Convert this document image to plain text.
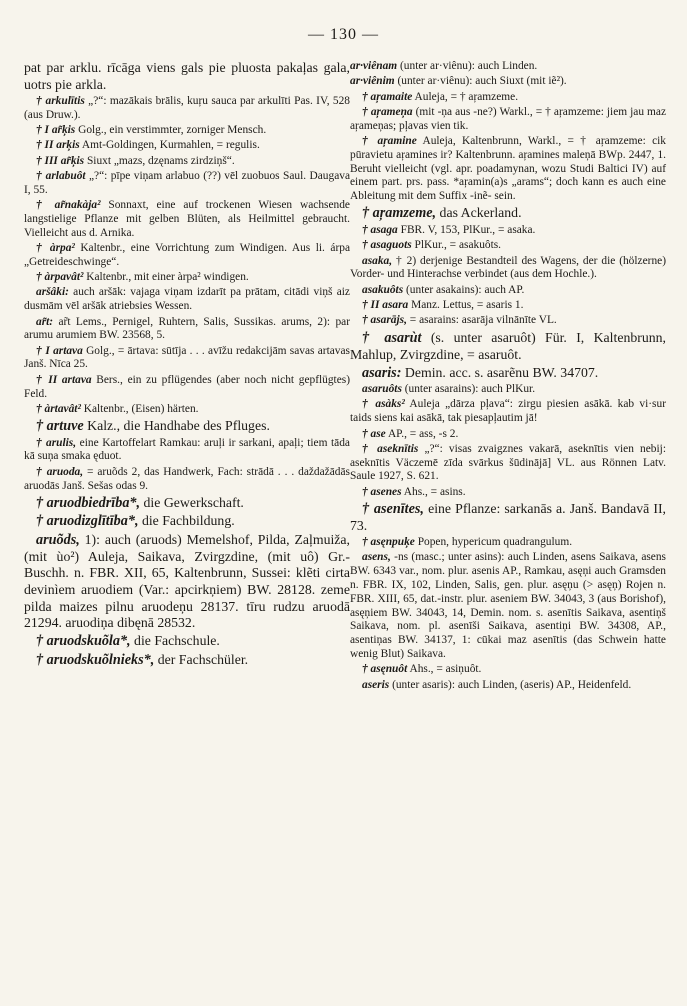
— 130 —

pat par arklu. rīcāga viens gals pie pluosta pakaļas gala, uotrs pie arkla.

† arkulītis „?“: mazākais brālis, kuŗu sauca par arkulīti Pas. IV, 528 (aus Druw.).

† I ar̃ķis Golg., ein verstimmter, zorniger Mensch.

† II arķis Amt-Goldingen, Kurmahlen, = regulis.

† III ar̃ķis Siuxt „mazs, dzęnams zirdziņš“.

† arlabuôt „?“: pīpe viņam arlabuo (??) vēl zuobuos Saul. Daugava I, 55.

† ar̃nakàja² Sonnaxt, eine auf trockenen Wiesen wachsende langstielige Pflanze mit gelben Blüten, als Heilmittel gebraucht. Vielleicht aus d. Arnika.

† àrpa² Kaltenbr., eine Vorrichtung zum Windigen. Aus li. árpa „Getreideschwinge“.

† àrpavât² Kaltenbr., mit einer àrpa² windigen.

aršâki: auch aršāk: vajaga viņam izdarīt pa prātam, citādi viņš aiz dusmām vēl aršāk atriebsies Wessen.

ar̃t: ar̃t Lems., Pernigel, Ruhtern, Salis, Sussikas. arums, 2): par arumu arumiem BW. 23568, 5.

† I artava Golg., = ārtava: sūtīja . . . avīžu redakcijām savas artavas Janš. Nīca 25.

† II artava Bers., ein zu pflügendes (aber noch nicht gepflügtes) Feld.

† àrtavât² Kaltenbr., (Eisen) härten.

† artuve Kalz., die Handhabe des Pfluges.

† arulis, eine Kartoffelart Ramkau: aruļi ir sarkani, apaļi; tiem tāda kā suņa smaka ęduot.

† aruoda, = aruõds 2, das Handwerk, Fach: strādā . . . daždažādās aruodās Janš. Sešas odas 9.

† aruodbiedrība*, die Gewerkschaft.

† aruodizglītība*, die Fachbildung.

aruõds, 1): auch (aruods) Memelshof, Pilda, Zaļmuiža, (mit ùo²) Auleja, Saikava, Zvirgzdine, (mit uô) Gr.-Buschh. n. FBR. XII, 65, Kaltenbrunn, Sussei: klẽti cirta devinìem aruodiem (Var.: apcirkņiem) BW. 28128. zeme pilda maizes pilnu aruodeņu 28137. tīru rudzu aruodā 21294. aruodiņa dibęnā 28532.

† aruodskuõla*, die Fachschule.

† aruodskuõlnieks*, der Fachschüler.

ar·viênam (unter ar·viênu): auch Linden.

ar·viênim (unter ar·viênu): auch Siuxt (mit iẽ²).

† aŗamaite Auleja, = † aŗamzeme.

† aŗameņa (mit -ņa aus -ne?) Warkl., = † aŗamzeme: jiem jau maz aŗameņas; pļavas vien tik.

† aŗamine Auleja, Kaltenbrunn, Warkl., = † aŗamzeme: cik pūravietu aŗamines ir? Kaltenbrunn. aŗamines maleņā BWp. 2447, 1. Beruht vielleicht (vgl. apr. poadamynan, wozu Studi Baltici IV) auf einem part. prs. pass. *aŗamin(a)s „arams“; doch kann es auch eine Ableitung mit dem Suffix -inẽ- sein.

† aŗamzeme, das Ackerland.

† asaga FBR. V, 153, PlKur., = asaka.

† asaguots PlKur., = asakuôts.

asaka, † 2) derjenige Bestandteil des Wagens, der die (hölzerne) Vorder- und Hinterachse verbindet (aus dem Hochle.).

asakuôts (unter asakains): auch AP.

† II asara Manz. Lettus, = asaris 1.

† asarājs, = asarains: asarāja vilnānīte VL.

† asarùt (s. unter asaruôt) Für. I, Kaltenbrunn, Mahlup, Zvirgzdine, = asaruôt.

asaris: Demin. acc. s. asarẽnu BW. 34707.

asaruôts (unter asarains): auch PlKur.

† asàks² Auleja „dārza pļava“: zirgu piesien asākā. kab vi·sur taids siens kai asākā, tak piesapļautim jā!

† ase AP., = ass, -s 2.

† aseknītis „?“: visas zvaigznes vakarā, aseknītis vien nebij: aseknītis Väczemē zīda svārkus šūdinājā] VL. aus Rönnen Latv. Saule 1927, S. 621.

† asenes Ahs., = asins.

† asenītes, eine Pflanze: sarkanās a. Janš. Bandavā II, 73.

† asęnpuķe Popen, hypericum quadrangulum.

asens, -ns (masc.; unter asins): auch Linden, asens Saikava, asens BW. 6343 var., nom. plur. asenis AP., Ramkau, asęņi auch Gramsden n. FBR. IX, 102, Linden, Salis, gen. plur. asęņu (> asęņ) Rojen n. FBR. XIII, 65, dat.-instr. plur. aseniem BW. 34043, 3 (aus Borishof), asęņiem BW. 34043, 14, Demin. nom. s. asenītis Saikava, asentiņš Saikava, nom. pl. asenīši Saikava, asentiņi BW. 34308, AP., asentiņas BW. 34137, 1: cūkai maz asenītis (das Schwein hatte wenig Blut) Saikava.

† asęnuôt Ahs., = asiņuôt.

aseris (unter asaris): auch Linden, (aseris) AP., Heidenfeld.
